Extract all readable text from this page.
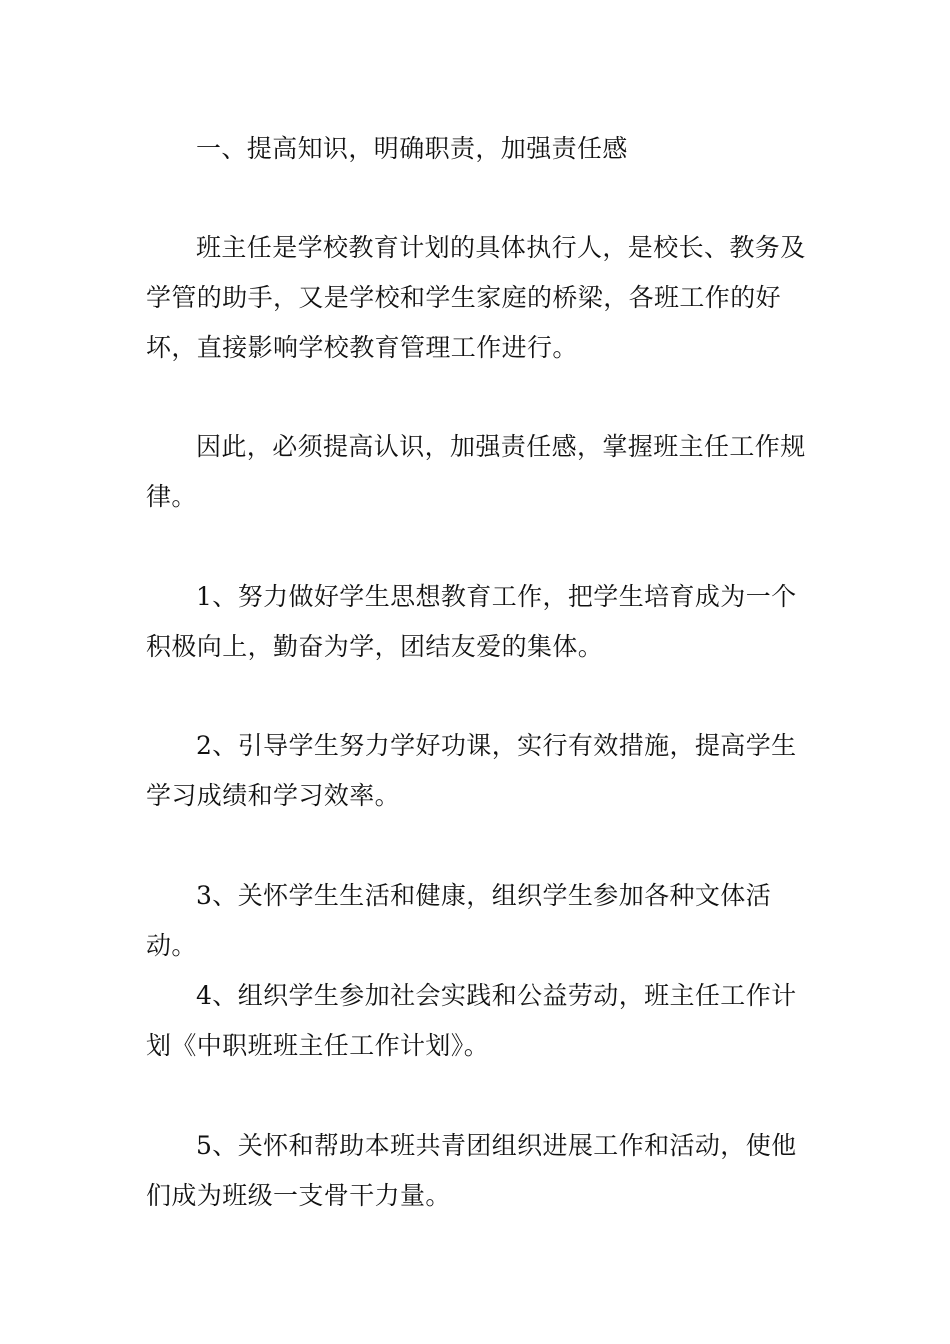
一、提高知识，明确职责，加强责任感
班主任是学校教育计划的具体执行人，是校长、教务及学管的助手，又是学校和学生家庭的桥梁，各班工作的好坏，直接影响学校教育管理工作进行。
因此，必须提高认识，加强责任感，掌握班主任工作规律。
1、努力做好学生思想教育工作，把学生培育成为一个积极向上，勤奋为学，团结友爱的集体。
2、引导学生努力学好功课，实行有效措施，提高学生学习成绩和学习效率。
3、关怀学生生活和健康，组织学生参加各种文体活动。
4、组织学生参加社会实践和公益劳动，班主任工作计划《中职班班主任工作计划》。
5、关怀和帮助本班共青团组织进展工作和活动，使他们成为班级一支骨干力量。
